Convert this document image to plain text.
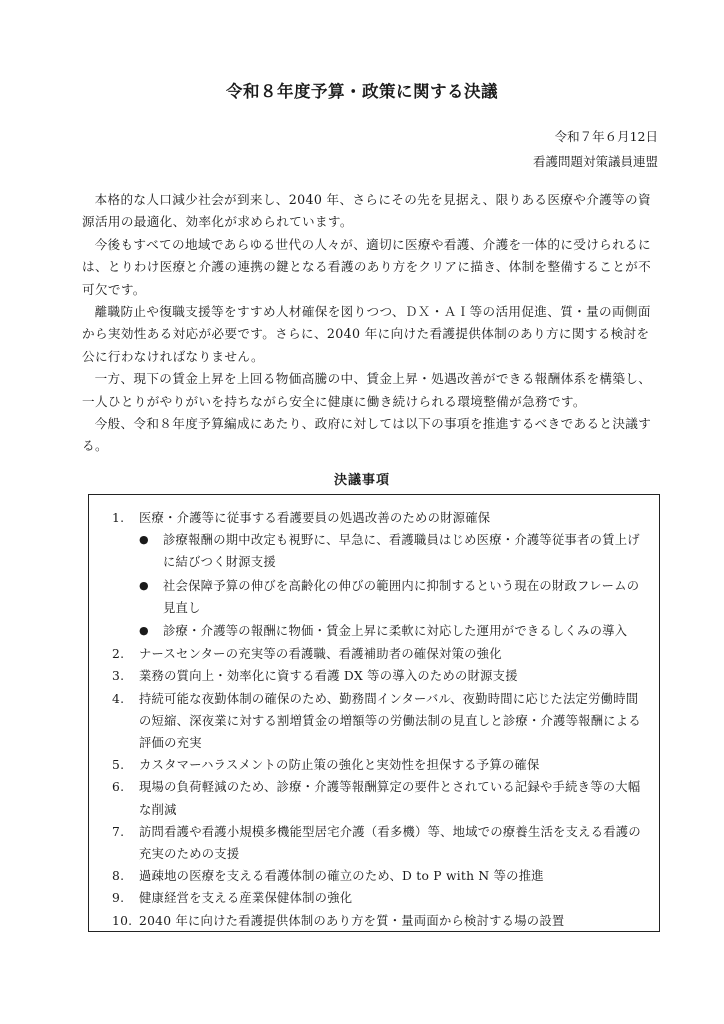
令和８年度予算・政策に関する決議
令和７年６月12日
看護問題対策議員連盟

本格的な人口減少社会が到来し、2040 年、さらにその先を見据え、限りある医療や介護等の資源活用の最適化、効率化が求められています。

今後もすべての地域であらゆる世代の人々が、適切に医療や看護、介護を一体的に受けられるには、とりわけ医療と介護の連携の鍵となる看護のあり方をクリアに描き、体制を整備することが不可欠です。

離職防止や復職支援等をすすめ人材確保を図りつつ、ＤＸ・ＡＩ等の活用促進、質・量の両側面から実効性ある対応が必要です。さらに、2040 年に向けた看護提供体制のあり方に関する検討を公に行わなければなりません。

一方、現下の賃金上昇を上回る物価高騰の中、賃金上昇・処遇改善ができる報酬体系を構築し、一人ひとりがやりがいを持ちながら安全に健康に働き続けられる環境整備が急務です。

今般、令和８年度予算編成にあたり、政府に対しては以下の事項を推進するべきであると決議する。

決議事項
1.	医療・介護等に従事する看護要員の処遇改善のための財源確保
●	診療報酬の期中改定も視野に、早急に、看護職員はじめ医療・介護等従事者の賃上げに結びつく財源支援
●	社会保障予算の伸びを高齢化の伸びの範囲内に抑制するという現在の財政フレームの見直し
●	診療・介護等の報酬に物価・賃金上昇に柔軟に対応した運用ができるしくみの導入
2.	ナースセンターの充実等の看護職、看護補助者の確保対策の強化
3.	業務の質向上・効率化に資する看護 DX 等の導入のための財源支援
4.	持続可能な夜勤体制の確保のため、勤務間インターバル、夜勤時間に応じた法定労働時間の短縮、深夜業に対する割増賃金の増額等の労働法制の見直しと診療・介護等報酬による評価の充実
5.	カスタマーハラスメントの防止策の強化と実効性を担保する予算の確保
6.	現場の負荷軽減のため、診療・介護等報酬算定の要件とされている記録や手続き等の大幅な削減
7.	訪問看護や看護小規模多機能型居宅介護（看多機）等、地域での療養生活を支える看護の充実のための支援
8.	過疎地の医療を支える看護体制の確立のため、D to P with N 等の推進
9.	健康経営を支える産業保健体制の強化
10. 2040 年に向けた看護提供体制のあり方を質・量両面から検討する場の設置
